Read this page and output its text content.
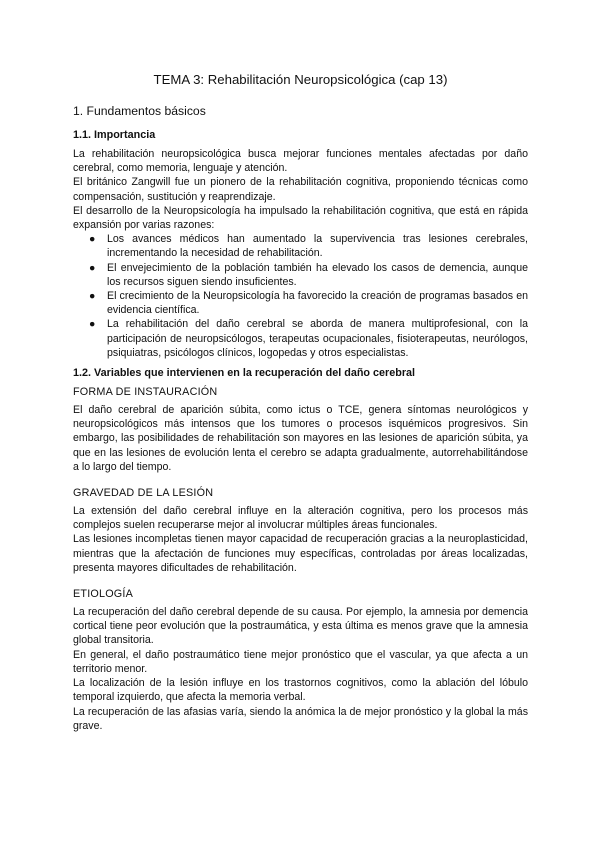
TEMA 3: Rehabilitación Neuropsicológica (cap 13)
1. Fundamentos básicos
1.1. Importancia

La rehabilitación neuropsicológica busca mejorar funciones mentales afectadas por daño cerebral, como memoria, lenguaje y atención.

El británico Zangwill fue un pionero de la rehabilitación cognitiva, proponiendo técnicas como compensación, sustitución y reaprendizaje.

El desarrollo de la Neuropsicología ha impulsado la rehabilitación cognitiva, que está en rápida expansión por varias razones:

● Los avances médicos han aumentado la supervivencia tras lesiones cerebrales, incrementando la necesidad de rehabilitación.
● El envejecimiento de la población también ha elevado los casos de demencia, aunque los recursos siguen siendo insuficientes.
● El crecimiento de la Neuropsicología ha favorecido la creación de programas basados en evidencia científica.
● La rehabilitación del daño cerebral se aborda de manera multiprofesional, con la participación de neuropsicólogos, terapeutas ocupacionales, fisioterapeutas, neurólogos, psiquiatras, psicólogos clínicos, logopedas y otros especialistas.
1.2. Variables que intervienen en la recuperación del daño cerebral
FORMA DE INSTAURACIÓN

El daño cerebral de aparición súbita, como ictus o TCE, genera síntomas neurológicos y neuropsicológicos más intensos que los tumores o procesos isquémicos progresivos. Sin embargo, las posibilidades de rehabilitación son mayores en las lesiones de aparición súbita, ya que en las lesiones de evolución lenta el cerebro se adapta gradualmente, autorrehabilitándose a lo largo del tiempo.

GRAVEDAD DE LA LESIÓN

La extensión del daño cerebral influye en la alteración cognitiva, pero los procesos más complejos suelen recuperarse mejor al involucrar múltiples áreas funcionales.

Las lesiones incompletas tienen mayor capacidad de recuperación gracias a la neuroplasticidad, mientras que la afectación de funciones muy específicas, controladas por áreas localizadas, presenta mayores dificultades de rehabilitación.

ETIOLOGÍA

La recuperación del daño cerebral depende de su causa. Por ejemplo, la amnesia por demencia cortical tiene peor evolución que la postraumática, y esta última es menos grave que la amnesia global transitoria.

En general, el daño postraumático tiene mejor pronóstico que el vascular, ya que afecta a un territorio menor.

La localización de la lesión influye en los trastornos cognitivos, como la ablación del lóbulo temporal izquierdo, que afecta la memoria verbal.

La recuperación de las afasias varía, siendo la anómica la de mejor pronóstico y la global la más grave.
